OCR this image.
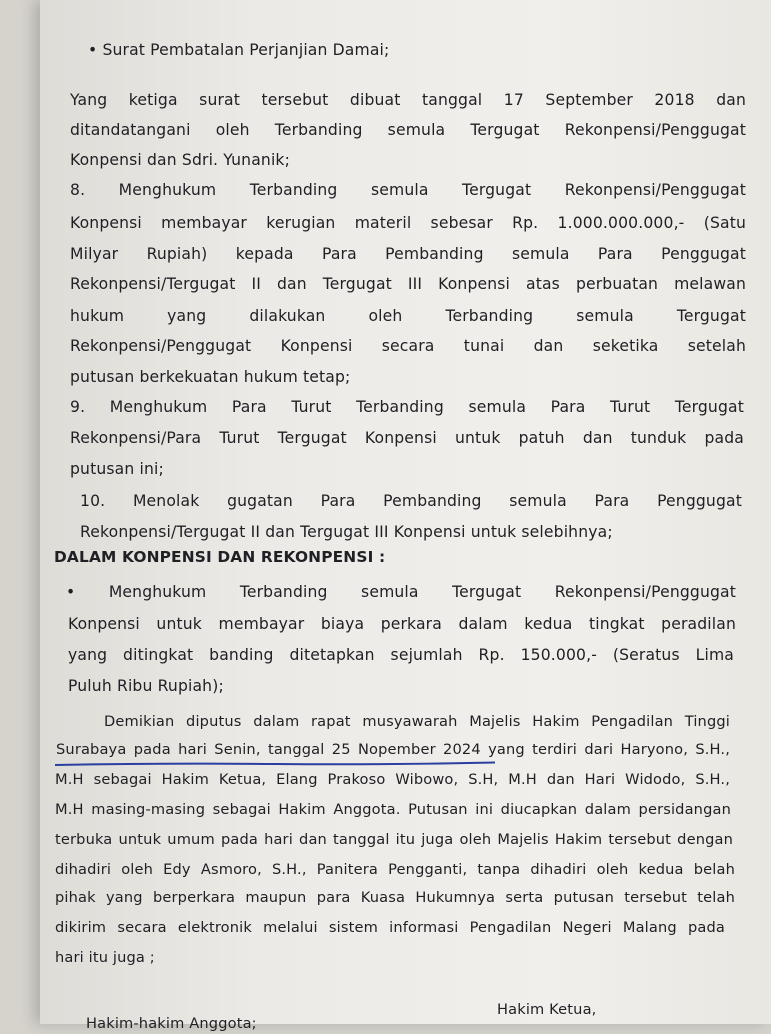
• Surat Pembatalan Perjanjian Damai;
Yang ketiga surat tersebut dibuat tanggal 17 September 2018 dan
ditandatangani oleh Terbanding semula Tergugat Rekonpensi/Penggugat
Konpensi dan Sdri. Yunanik;
8. Menghukum Terbanding semula Tergugat Rekonpensi/Penggugat
Konpensi membayar kerugian materil sebesar Rp. 1.000.000.000,- (Satu
Milyar Rupiah) kepada Para Pembanding semula Para Penggugat
Rekonpensi/Tergugat II dan Tergugat III Konpensi atas perbuatan melawan
hukum yang dilakukan oleh Terbanding semula Tergugat
Rekonpensi/Penggugat Konpensi secara tunai dan seketika setelah
putusan berkekuatan hukum tetap;
9. Menghukum Para Turut Terbanding semula Para Turut Tergugat
Rekonpensi/Para Turut Tergugat Konpensi untuk patuh dan tunduk pada
putusan ini;
10. Menolak gugatan Para Pembanding semula Para Penggugat
Rekonpensi/Tergugat II dan Tergugat III Konpensi untuk selebihnya;
DALAM KONPENSI DAN REKONPENSI :
• Menghukum Terbanding semula Tergugat Rekonpensi/Penggugat
Konpensi untuk membayar biaya perkara dalam kedua tingkat peradilan
yang ditingkat banding ditetapkan sejumlah Rp. 150.000,- (Seratus Lima
Puluh Ribu Rupiah);
Demikian diputus dalam rapat musyawarah Majelis Hakim Pengadilan Tinggi
Surabaya pada hari Senin, tanggal 25 Nopember 2024 yang terdiri dari Haryono, S.H.,
M.H sebagai Hakim Ketua, Elang Prakoso Wibowo, S.H, M.H dan Hari Widodo, S.H.,
M.H masing-masing sebagai Hakim Anggota. Putusan ini diucapkan dalam persidangan
terbuka untuk umum pada hari dan tanggal itu juga oleh Majelis Hakim tersebut dengan
dihadiri oleh Edy Asmoro, S.H., Panitera Pengganti, tanpa dihadiri oleh kedua belah
pihak yang berperkara maupun para Kuasa Hukumnya serta putusan tersebut telah
dikirim secara elektronik melalui sistem informasi Pengadilan Negeri Malang pada
hari itu juga ;
Hakim-hakim Anggota;
Hakim Ketua,
